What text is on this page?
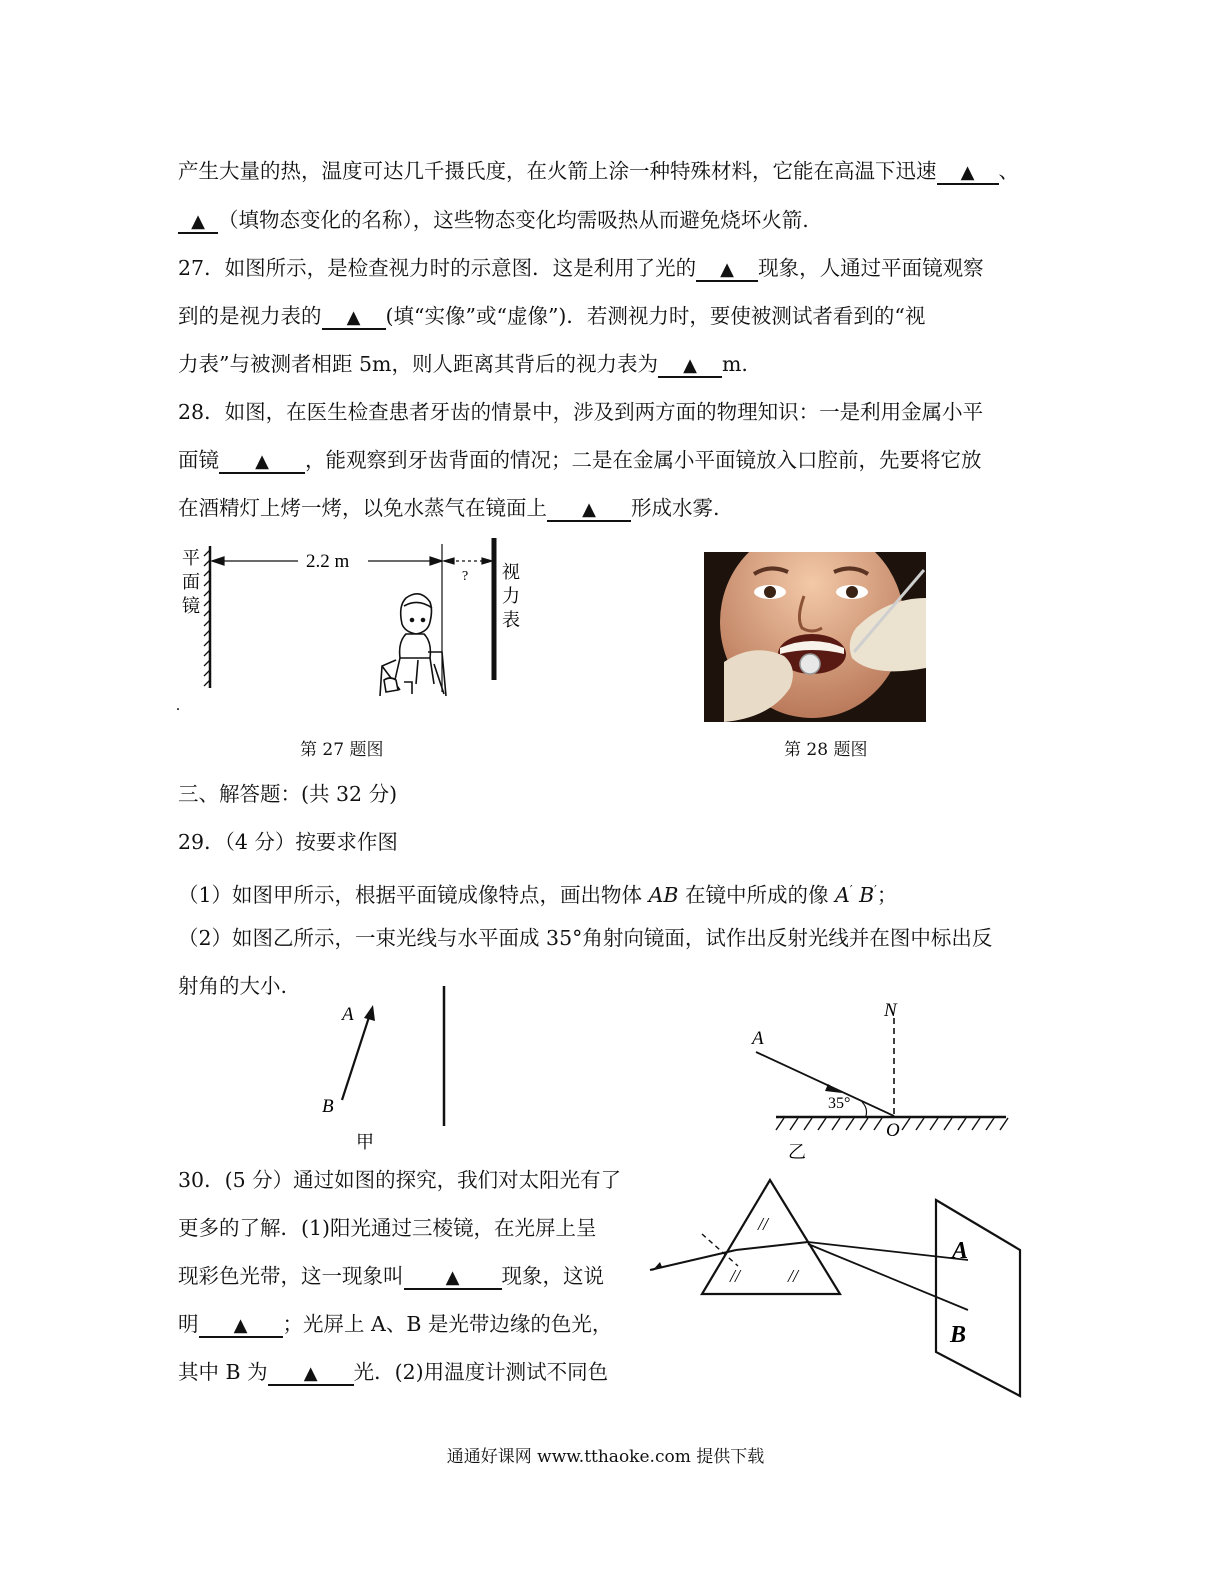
产生大量的热，温度可达几千摄氏度，在火箭上涂一种特殊材料，它能在高温下迅速 ▲ 、
▲ （填物态变化的名称），这些物态变化均需吸热从而避免烧坏火箭.
27．如图所示，是检查视力时的示意图．这是利用了光的 ▲ 现象，人通过平面镜观察
到的是视力表的 ▲ (填“实像”或“虚像”)．若测视力时，要使被测试者看到的“视
力表”与被测者相距 5m，则人距离其背后的视力表为 ▲ m.
28．如图，在医生检查患者牙齿的情景中，涉及到两方面的物理知识：一是利用金属小平
面镜 ▲ ，能观察到牙齿背面的情况；二是在金属小平面镜放入口腔前，先要将它放
在酒精灯上烤一烤，以免水蒸气在镜面上 ▲ 形成水雾.
平
面
镜
2.2 m
? 视
力
表
.
第 27 题图	第 28 题图
三、解答题：(共 32 分)
29．（4 分）按要求作图
（1）如图甲所示，根据平面镜成像特点，画出物体 AB 在镜中所成的像 A′ B′；
（2）如图乙所示，一束光线与水平面成 35°角射向镜面，试作出反射光线并在图中标出反
射角的大小.
A
B
甲
N
A
35°
O
乙
30．(5 分）通过如图的探究，我们对太阳光有了
更多的了解．(1)阳光通过三棱镜，在光屏上呈
现彩色光带，这一现象叫 ▲ 现象，这说
明 ▲ ；光屏上 A、B 是光带边缘的色光，
其中 B 为 ▲ 光．(2)用温度计测试不同色
//
//	//
A
B
通通好课网 www.tthaoke.com 提供下载
